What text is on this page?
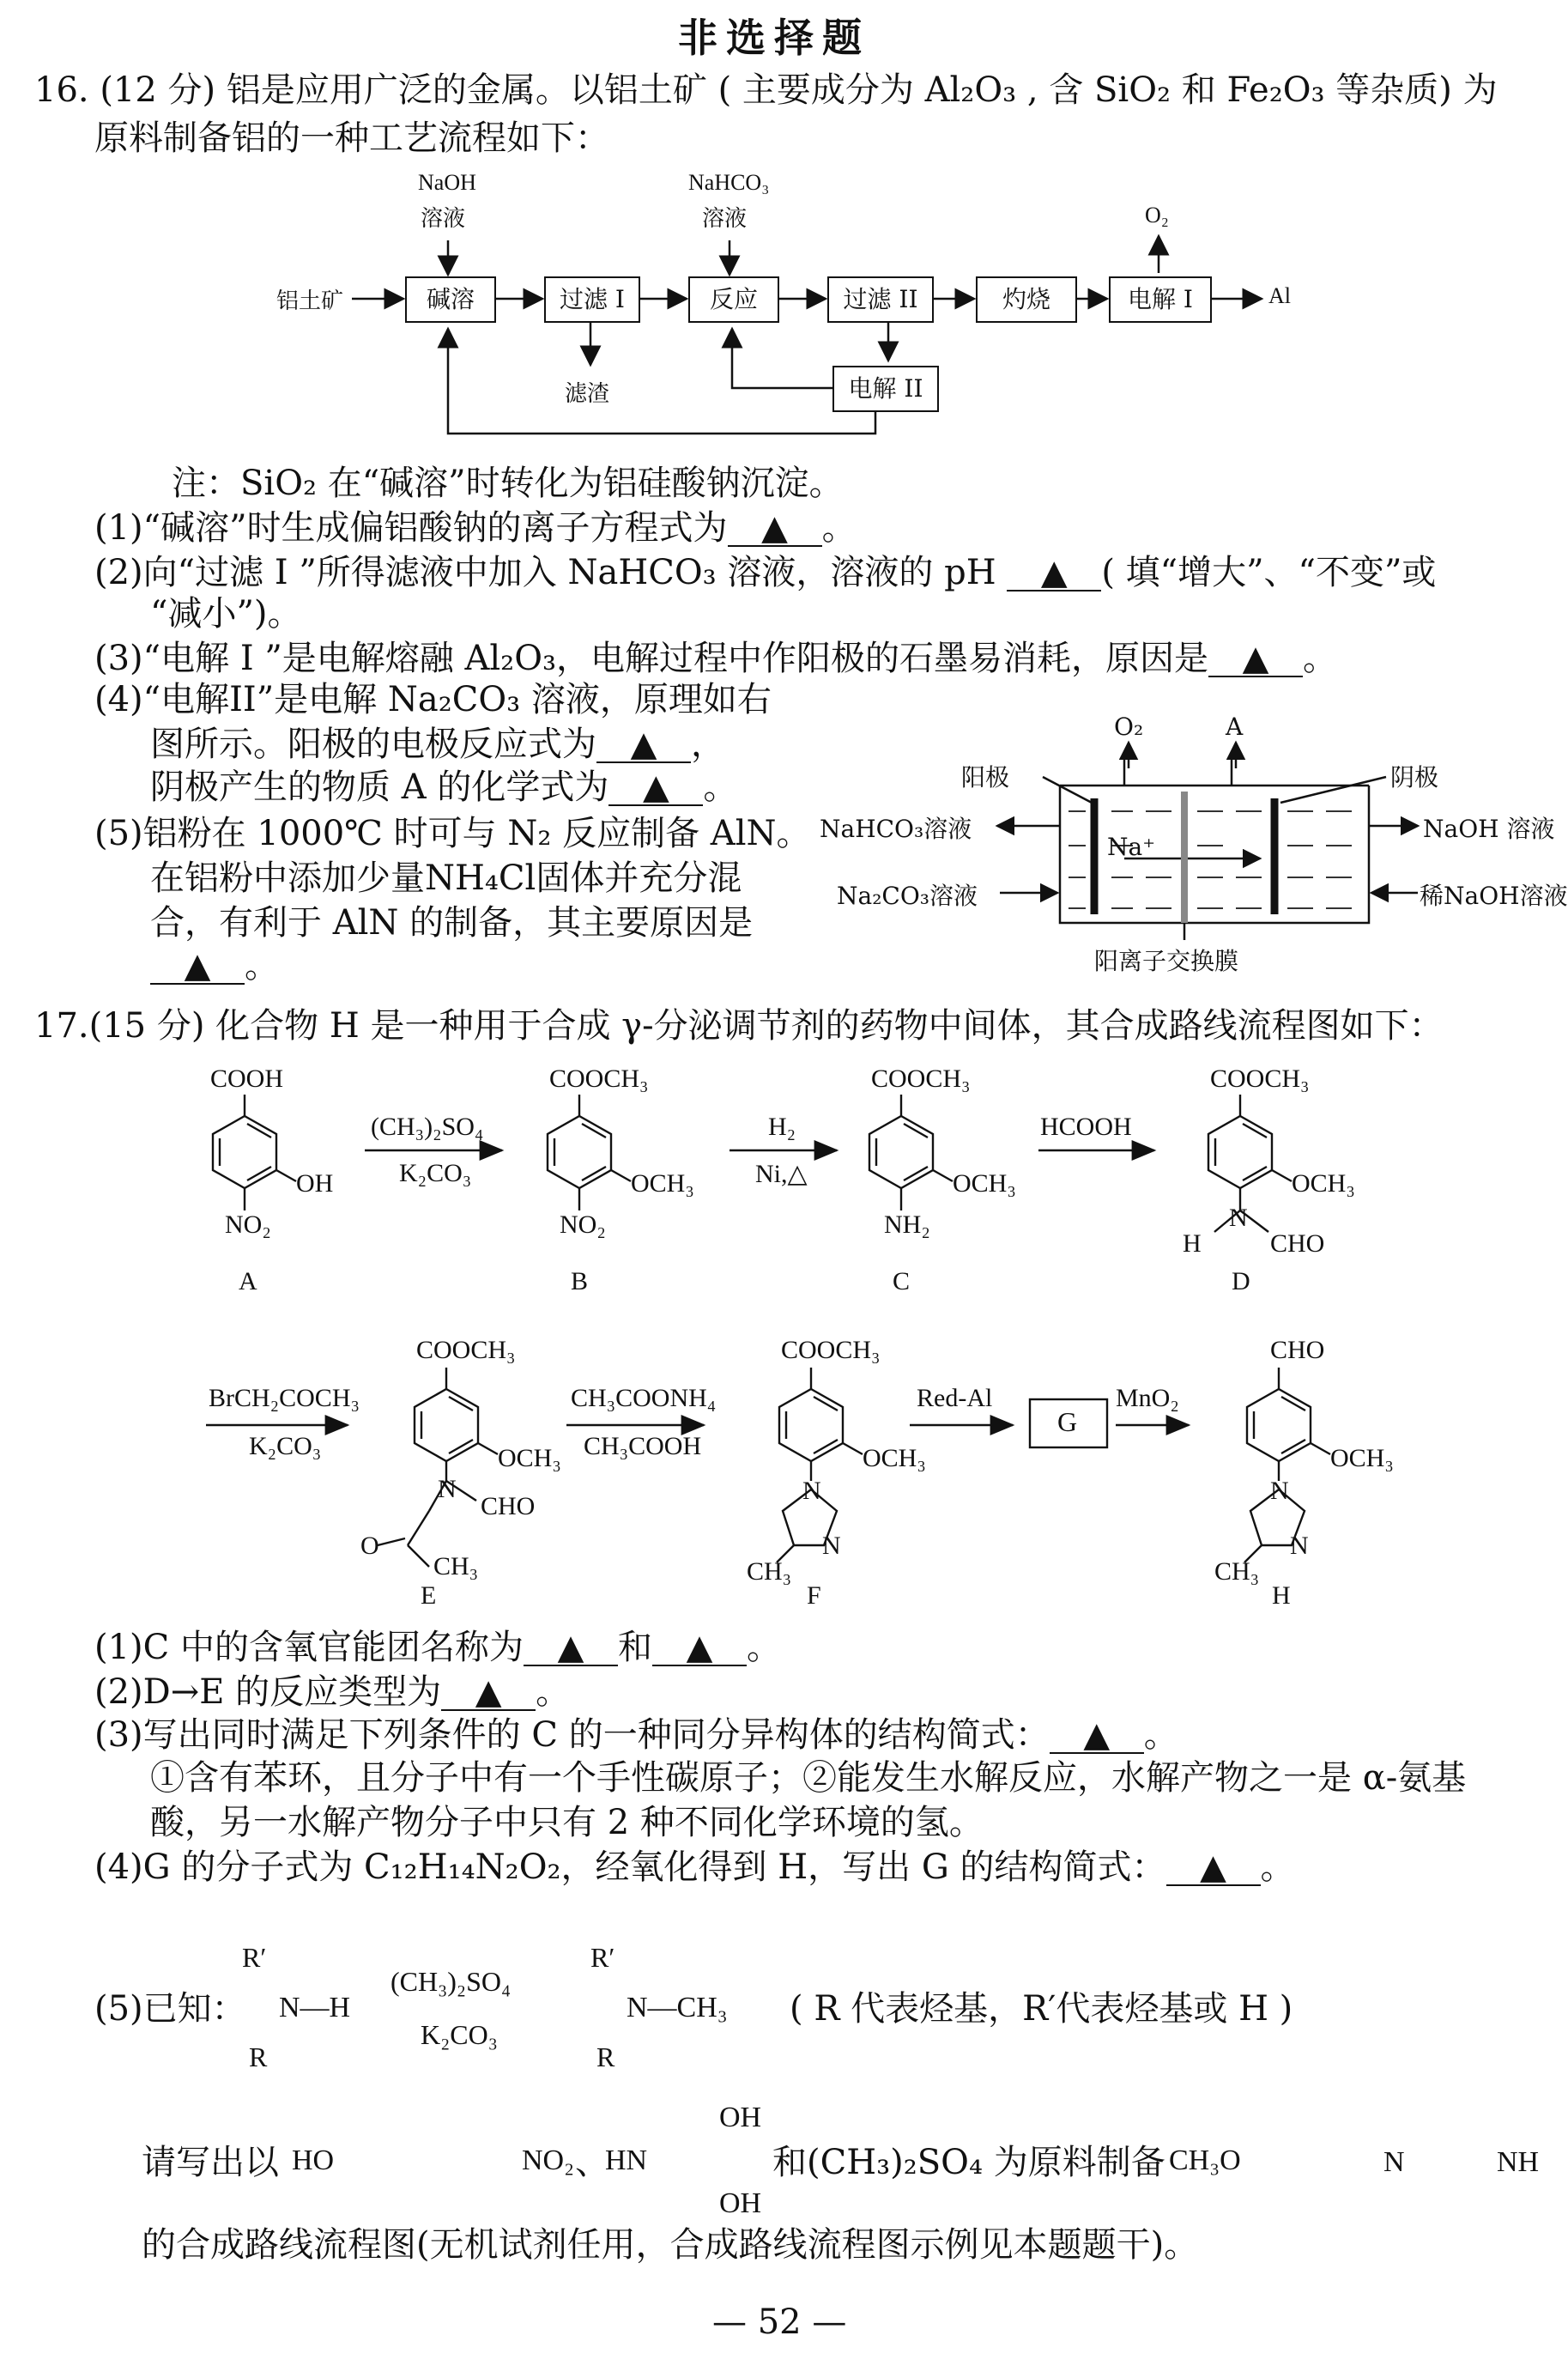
非选择题
16. (12 分) 铝是应用广泛的金属。以铝土矿 ( 主要成分为 Al₂O₃ , 含 SiO₂ 和 Fe₂O₃ 等杂质) 为
原料制备铝的一种工艺流程如下：
NaOH
溶液
NaHCO₃
溶液	O₂
铝土矿	碱溶	过滤 I	反应	过滤 II	灼烧	电解 I
电解 II
Al
滤渣
注：SiO₂ 在“碱溶”时转化为铝硅酸钠沉淀。
(1)“碱溶”时生成偏铝酸钠的离子方程式为 ▲ 。
(2)向“过滤 I ”所得滤液中加入 NaHCO₃ 溶液，溶液的 pH ▲ ( 填“增大”、“不变”或
“减小”)。
(3)“电解 I ”是电解熔融 Al₂O₃，电解过程中作阳极的石墨易消耗，原因是 ▲ 。
(4)“电解II”是电解 Na₂CO₃ 溶液，原理如右
图所示。阳极的电极反应式为 ▲ ，
阴极产生的物质 A 的化学式为 ▲ 。
(5)铝粉在 1000℃ 时可与 N₂ 反应制备 AlN。
在铝粉中添加少量NH₄Cl固体并充分混
合，有利于 AlN 的制备，其主要原因是
▲ 。
O₂	A
阳极	阴极
NaHCO₃溶液
Na₂CO₃溶液
NaOH 溶液
稀NaOH溶液
Na⁺
阳离子交换膜
17.(15 分) 化合物 H 是一种用于合成 γ-分泌调节剂的药物中间体，其合成路线流程图如下：
COOH
OH
NO₂
A
(CH₃)₂SO₄
K₂CO₃
COOCH₃
OCH₃
NO₂
B
H₂
Ni,△
COOCH₃
OCH₃
NH₂
C
HCOOH
COOCH₃
OCH₃
N
H	CHO
D
BrCH₂COCH₃
K₂CO₃
COOCH₃
OCH₃
N
CHO
O
CH₃
E
CH₃COONH₄
CH₃COOH
COOCH₃
OCH₃
N
N
CH₃
F
Red-Al
G
MnO₂
CHO
OCH₃
N
N
CH₃
H
(1)C 中的含氧官能团名称为 ▲ 和 ▲ 。
(2)D→E 的反应类型为 ▲ 。
(3)写出同时满足下列条件的 C 的一种同分异构体的结构简式： ▲ 。
①含有苯环，且分子中有一个手性碳原子；②能发生水解反应，水解产物之一是 α-氨基
酸，另一水解产物分子中只有 2 种不同化学环境的氢。
(4)G 的分子式为 C₁₂H₁₄N₂O₂，经氧化得到 H，写出 G 的结构简式： ▲ 。
(5)已知：
R′
N—H
R
(CH₃)₂SO₄
K₂CO₃
R′
N—CH₃
R
( R 代表烃基，R′代表烃基或 H )
请写出以 HO	NO₂ 、
HN
OH
OH
和(CH₃)₂SO₄ 为原料制备 CH₃O	N	NH
的合成路线流程图(无机试剂任用，合成路线流程图示例见本题题干)。
— 52 —
